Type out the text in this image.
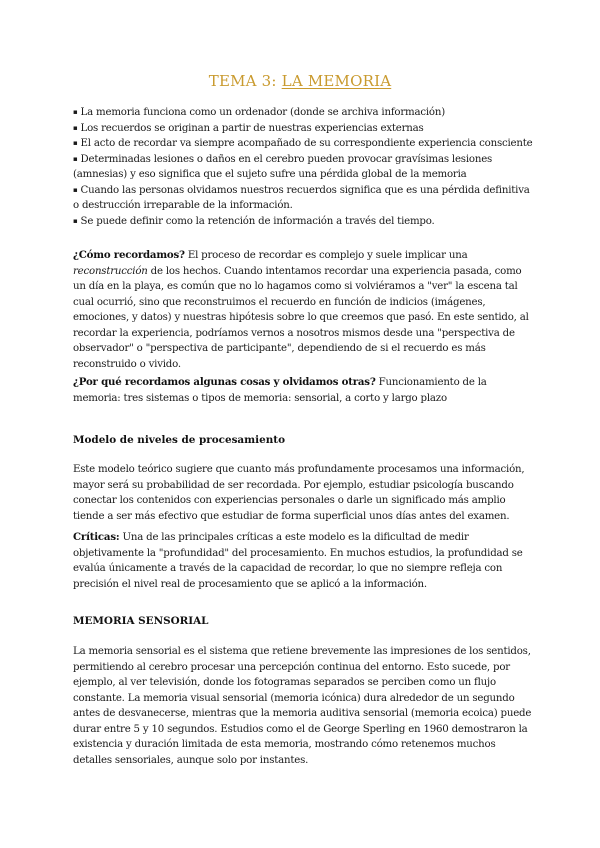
TEMA 3: LA MEMORIA
▪ La memoria funciona como un ordenador (donde se archiva información)
▪ Los recuerdos se originan a partir de nuestras experiencias externas
▪ El acto de recordar va siempre acompañado de su correspondiente experiencia consciente
▪ Determinadas lesiones o daños en el cerebro pueden provocar gravísimas lesiones (amnesias) y eso significa que el sujeto sufre una pérdida global de la memoria
▪ Cuando las personas olvidamos nuestros recuerdos significa que es una pérdida definitiva o destrucción irreparable de la información.
▪ Se puede definir como la retención de información a través del tiempo.

¿Cómo recordamos? El proceso de recordar es complejo y suele implicar una reconstrucción de los hechos. Cuando intentamos recordar una experiencia pasada, como un día en la playa, es común que no lo hagamos como si volviéramos a "ver" la escena tal cual ocurrió, sino que reconstruimos el recuerdo en función de indicios (imágenes, emociones, y datos) y nuestras hipótesis sobre lo que creemos que pasó. En este sentido, al recordar la experiencia, podríamos vernos a nosotros mismos desde una "perspectiva de observador" o "perspectiva de participante", dependiendo de si el recuerdo es más reconstruido o vivido.

¿Por qué recordamos algunas cosas y olvidamos otras? Funcionamiento de la memoria: tres sistemas o tipos de memoria: sensorial, a corto y largo plazo

Modelo de niveles de procesamiento

Este modelo teórico sugiere que cuanto más profundamente procesamos una información, mayor será su probabilidad de ser recordada. Por ejemplo, estudiar psicología buscando conectar los contenidos con experiencias personales o darle un significado más amplio tiende a ser más efectivo que estudiar de forma superficial unos días antes del examen.

Críticas: Una de las principales críticas a este modelo es la dificultad de medir objetivamente la "profundidad" del procesamiento. En muchos estudios, la profundidad se evalúa únicamente a través de la capacidad de recordar, lo que no siempre refleja con precisión el nivel real de procesamiento que se aplicó a la información.

MEMORIA SENSORIAL

La memoria sensorial es el sistema que retiene brevemente las impresiones de los sentidos, permitiendo al cerebro procesar una percepción continua del entorno. Esto sucede, por ejemplo, al ver televisión, donde los fotogramas separados se perciben como un flujo constante. La memoria visual sensorial (memoria icónica) dura alrededor de un segundo antes de desvanecerse, mientras que la memoria auditiva sensorial (memoria ecoica) puede durar entre 5 y 10 segundos. Estudios como el de George Sperling en 1960 demostraron la existencia y duración limitada de esta memoria, mostrando cómo retenemos muchos detalles sensoriales, aunque solo por instantes.
